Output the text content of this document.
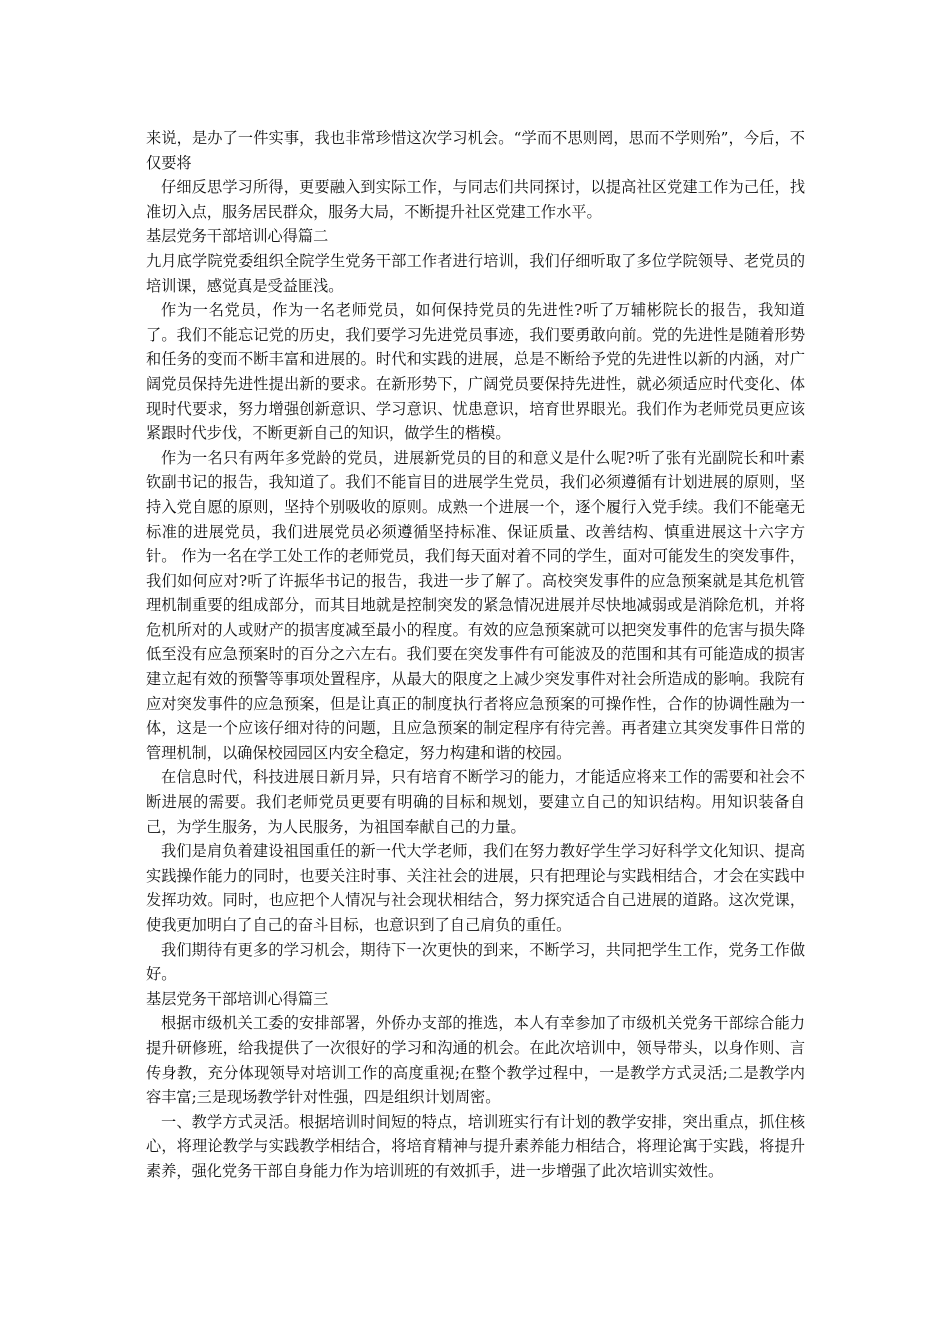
来说，是办了一件实事，我也非常珍惜这次学习机会。“学而不思则罔，思而不学则殆”，今后，不仅要将

仔细反思学习所得，更要融入到实际工作，与同志们共同探讨，以提高社区党建工作为己任，找准切入点，服务居民群众，服务大局，不断提升社区党建工作水平。

基层党务干部培训心得篇二

九月底学院党委组织全院学生党务干部工作者进行培训，我们仔细听取了多位学院领导、老党员的培训课，感觉真是受益匪浅。

作为一名党员，作为一名老师党员，如何保持党员的先进性?听了万辅彬院长的报告，我知道了。我们不能忘记党的历史，我们要学习先进党员事迹，我们要勇敢向前。党的先进性是随着形势和任务的变而不断丰富和进展的。时代和实践的进展，总是不断给予党的先进性以新的内涵，对广阔党员保持先进性提出新的要求。在新形势下，广阔党员要保持先进性，就必须适应时代变化、体现时代要求，努力增强创新意识、学习意识、忧患意识，培育世界眼光。我们作为老师党员更应该紧跟时代步伐，不断更新自己的知识，做学生的楷模。

作为一名只有两年多党龄的党员，进展新党员的目的和意义是什么呢?听了张有光副院长和叶素钦副书记的报告，我知道了。我们不能盲目的进展学生党员，我们必须遵循有计划进展的原则，坚持入党自愿的原则，坚持个别吸收的原则。成熟一个进展一个，逐个履行入党手续。我们不能毫无标准的进展党员，我们进展党员必须遵循坚持标准、保证质量、改善结构、慎重进展这十六字方针。 作为一名在学工处工作的老师党员，我们每天面对着不同的学生，面对可能发生的突发事件，我们如何应对?听了许振华书记的报告，我进一步了解了。高校突发事件的应急预案就是其危机管理机制重要的组成部分，而其目地就是控制突发的紧急情况进展并尽快地减弱或是消除危机，并将危机所对的人或财产的损害度减至最小的程度。有效的应急预案就可以把突发事件的危害与损失降低至没有应急预案时的百分之六左右。我们要在突发事件有可能波及的范围和其有可能造成的损害建立起有效的预警等事项处置程序，从最大的限度之上减少突发事件对社会所造成的影响。我院有应对突发事件的应急预案，但是让真正的制度执行者将应急预案的可操作性，合作的协调性融为一体，这是一个应该仔细对待的问题，且应急预案的制定程序有待完善。再者建立其突发事件日常的管理机制，以确保校园园区内安全稳定，努力构建和谐的校园。

在信息时代，科技进展日新月异，只有培育不断学习的能力，才能适应将来工作的需要和社会不断进展的需要。我们老师党员更要有明确的目标和规划，要建立自己的知识结构。用知识装备自己，为学生服务，为人民服务，为祖国奉献自己的力量。

我们是肩负着建设祖国重任的新一代大学老师，我们在努力教好学生学习好科学文化知识、提高实践操作能力的同时，也要关注时事、关注社会的进展，只有把理论与实践相结合，才会在实践中发挥功效。同时，也应把个人情况与社会现状相结合，努力探究适合自己进展的道路。这次党课，使我更加明白了自己的奋斗目标，也意识到了自己肩负的重任。

我们期待有更多的学习机会，期待下一次更快的到来，不断学习，共同把学生工作，党务工作做好。

基层党务干部培训心得篇三

根据市级机关工委的安排部署，外侨办支部的推选，本人有幸参加了市级机关党务干部综合能力提升研修班，给我提供了一次很好的学习和沟通的机会。在此次培训中，领导带头，以身作则、言传身教，充分体现领导对培训工作的高度重视;在整个教学过程中，一是教学方式灵活;二是教学内容丰富;三是现场教学针对性强，四是组织计划周密。

一、教学方式灵活。根据培训时间短的特点，培训班实行有计划的教学安排，突出重点，抓住核心，将理论教学与实践教学相结合，将培育精神与提升素养能力相结合，将理论寓于实践，将提升素养，强化党务干部自身能力作为培训班的有效抓手，进一步增强了此次培训实效性。
